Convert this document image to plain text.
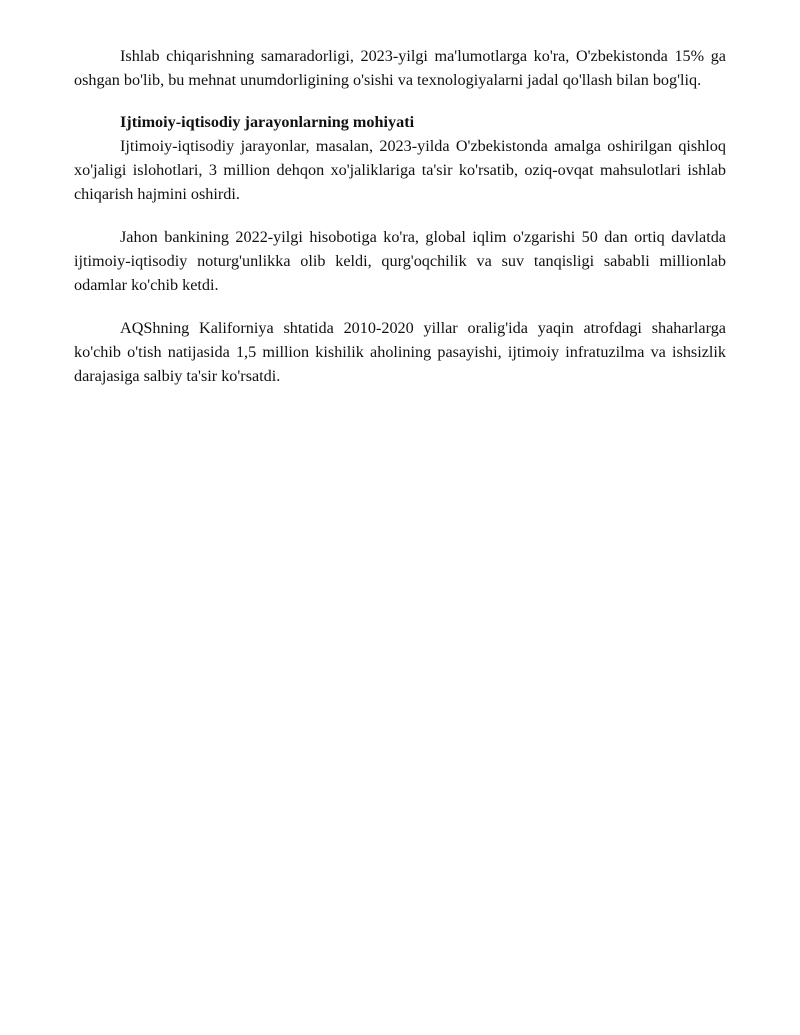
Ishlab chiqarishning samaradorligi, 2023-yilgi ma'lumotlarga ko'ra, O'zbekistonda 15% ga oshgan bo'lib, bu mehnat unumdorligining o'sishi va texnologiyalarni jadal qo'llash bilan bog'liq.

Ijtimoiy-iqtisodiy jarayonlarning mohiyati

Ijtimoiy-iqtisodiy jarayonlar, masalan, 2023-yilda O'zbekistonda amalga oshirilgan qishloq xo'jaligi islohotlari, 3 million dehqon xo'jaliklariga ta'sir ko'rsatib, oziq-ovqat mahsulotlari ishlab chiqarish hajmini oshirdi.

Jahon bankining 2022-yilgi hisobotiga ko'ra, global iqlim o'zgarishi 50 dan ortiq davlatda ijtimoiy-iqtisodiy noturg'unlikka olib keldi, qurg'oqchilik va suv tanqisligi sababli millionlab odamlar ko'chib ketdi.

AQShning Kaliforniya shtatida 2010-2020 yillar oralig'ida yaqin atrofdagi shaharlarga ko'chib o'tish natijasida 1,5 million kishilik aholining pasayishi, ijtimoiy infratuzilma va ishsizlik darajasiga salbiy ta'sir ko'rsatdi.
